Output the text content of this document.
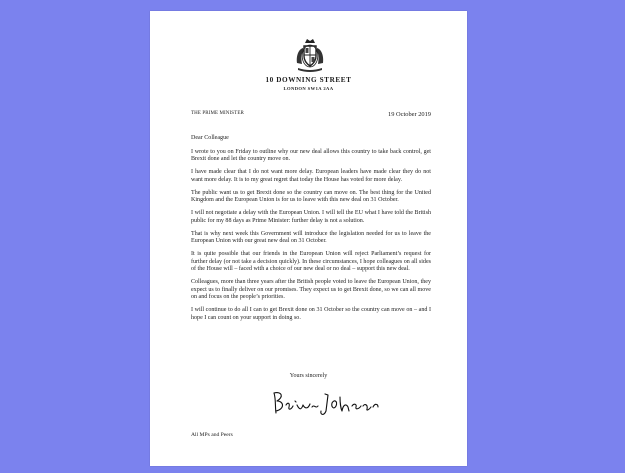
10 DOWNING STREET
LONDON SW1A 2AA
THE PRIME MINISTER	19 October 2019

Dear Colleague

I wrote to you on Friday to outline why our new deal allows this country to take back control, get Brexit done and let the country move on.

I have made clear that I do not want more delay. European leaders have made clear they do not want more delay. It is to my great regret that today the House has voted for more delay.

The public want us to get Brexit done so the country can move on. The best thing for the United Kingdom and the European Union is for us to leave with this new deal on 31 October.

I will not negotiate a delay with the European Union. I will tell the EU what I have told the British public for my 88 days as Prime Minister: further delay is not a solution.

That is why next week this Government will introduce the legislation needed for us to leave the European Union with our great new deal on 31 October.

It is quite possible that our friends in the European Union will reject Parliament’s request for further delay (or not take a decision quickly). In these circumstances, I hope colleagues on all sides of the House will – faced with a choice of our new deal or no deal – support this new deal.

Colleagues, more than three years after the British people voted to leave the European Union, they expect us to finally deliver on our promises. They expect us to get Brexit done, so we can all move on and focus on the people’s priorities.

I will continue to do all I can to get Brexit done on 31 October so the country can move on – and I hope I can count on your support in doing so.

Yours sincerely
All MPs and Peers
